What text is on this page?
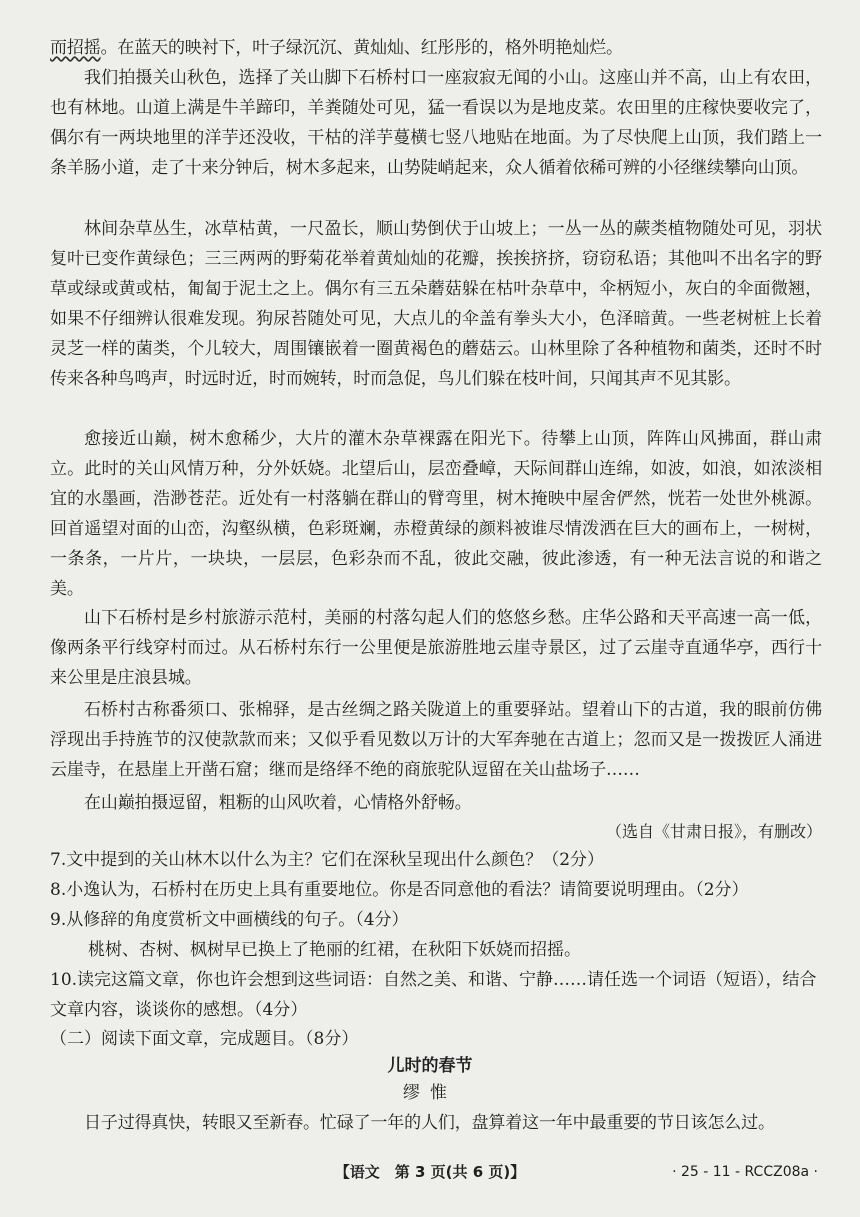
而招摇。在蓝天的映衬下，叶子绿沉沉、黄灿灿、红彤彤的，格外明艳灿烂。

我们拍摄关山秋色，选择了关山脚下石桥村口一座寂寂无闻的小山。这座山并不高，山上有农田，也有林地。山道上满是牛羊蹄印，羊粪随处可见，猛一看误以为是地皮菜。农田里的庄稼快要收完了，偶尔有一两块地里的洋芋还没收，干枯的洋芋蔓横七竖八地贴在地面。为了尽快爬上山顶，我们踏上一条羊肠小道，走了十来分钟后，树木多起来，山势陡峭起来，众人循着依稀可辨的小径继续攀向山顶。

林间杂草丛生，冰草枯黄，一尺盈长，顺山势倒伏于山坡上；一丛一丛的蕨类植物随处可见，羽状复叶已变作黄绿色；三三两两的野菊花举着黄灿灿的花瓣，挨挨挤挤，窃窃私语；其他叫不出名字的野草或绿或黄或枯，匍匐于泥土之上。偶尔有三五朵蘑菇躲在枯叶杂草中，伞柄短小，灰白的伞面微翘，如果不仔细辨认很难发现。狗尿苔随处可见，大点儿的伞盖有拳头大小，色泽暗黄。一些老树桩上长着灵芝一样的菌类，个儿较大，周围镶嵌着一圈黄褐色的蘑菇云。山林里除了各种植物和菌类，还时不时传来各种鸟鸣声，时远时近，时而婉转，时而急促，鸟儿们躲在枝叶间，只闻其声不见其影。

愈接近山巅，树木愈稀少，大片的灌木杂草裸露在阳光下。待攀上山顶，阵阵山风拂面，群山肃立。此时的关山风情万种，分外妖娆。北望后山，层峦叠嶂，天际间群山连绵，如波，如浪，如浓淡相宜的水墨画，浩渺苍茫。近处有一村落躺在群山的臂弯里，树木掩映中屋舍俨然，恍若一处世外桃源。回首遥望对面的山峦，沟壑纵横，色彩斑斓，赤橙黄绿的颜料被谁尽情泼洒在巨大的画布上，一树树，一条条，一片片，一块块，一层层，色彩杂而不乱，彼此交融，彼此渗透，有一种无法言说的和谐之美。

山下石桥村是乡村旅游示范村，美丽的村落勾起人们的悠悠乡愁。庄华公路和天平高速一高一低，像两条平行线穿村而过。从石桥村东行一公里便是旅游胜地云崖寺景区，过了云崖寺直通华亭，西行十来公里是庄浪县城。

石桥村古称番须口、张棉驿，是古丝绸之路关陇道上的重要驿站。望着山下的古道，我的眼前仿佛浮现出手持旌节的汉使款款而来；又似乎看见数以万计的大军奔驰在古道上；忽而又是一拨拨匠人涌进云崖寺，在悬崖上开凿石窟；继而是络绎不绝的商旅驼队逗留在关山盐场子……

在山巅拍摄逗留，粗粝的山风吹着，心情格外舒畅。

（选自《甘肃日报》，有删改）

7.文中提到的关山林木以什么为主？它们在深秋呈现出什么颜色？（2分）

8.小逸认为，石桥村在历史上具有重要地位。你是否同意他的看法？请简要说明理由。（2分）

9.从修辞的角度赏析文中画横线的句子。（4分）

桃树、杏树、枫树早已换上了艳丽的红裙，在秋阳下妖娆而招摇。

10.读完这篇文章，你也许会想到这些词语：自然之美、和谐、宁静……请任选一个词语（短语），结合文章内容，谈谈你的感想。（4分）

（二）阅读下面文章，完成题目。（8分）

儿时的春节

缪惟

日子过得真快，转眼又至新春。忙碌了一年的人们，盘算着这一年中最重要的节日该怎么过。

【语文　第 3 页(共 6 页)】	· 25 - 11 - RCCZ08a ·
